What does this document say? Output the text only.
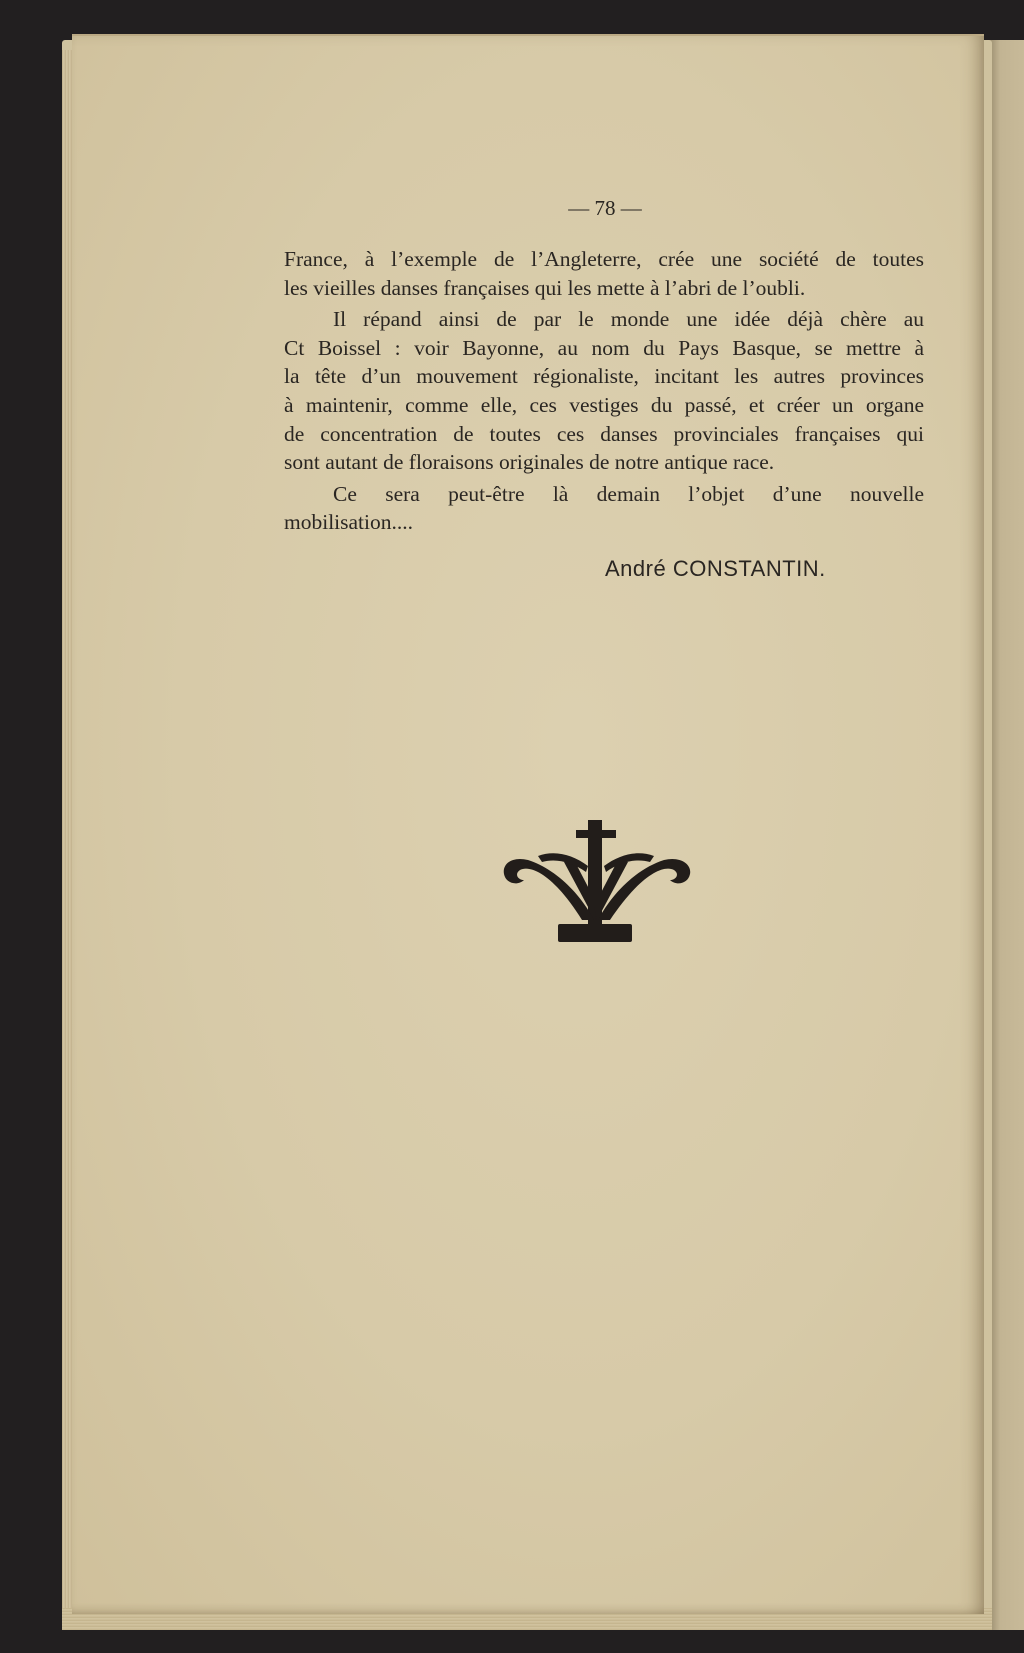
— 78 —

France, à l’exemple de l’Angleterre, crée une société de toutes
les vieilles danses françaises qui les mette à l’abri de l’oubli.

Il répand ainsi de par le monde une idée déjà chère au
Ct Boissel : voir Bayonne, au nom du Pays Basque, se mettre à
la tête d’un mouvement régionaliste, incitant les autres provinces
à maintenir, comme elle, ces vestiges du passé, et créer un organe
de concentration de toutes ces danses provinciales françaises qui
sont autant de floraisons originales de notre antique race.

Ce sera peut-être là demain l’objet d’une nouvelle
mobilisation....

André CONSTANTIN.
